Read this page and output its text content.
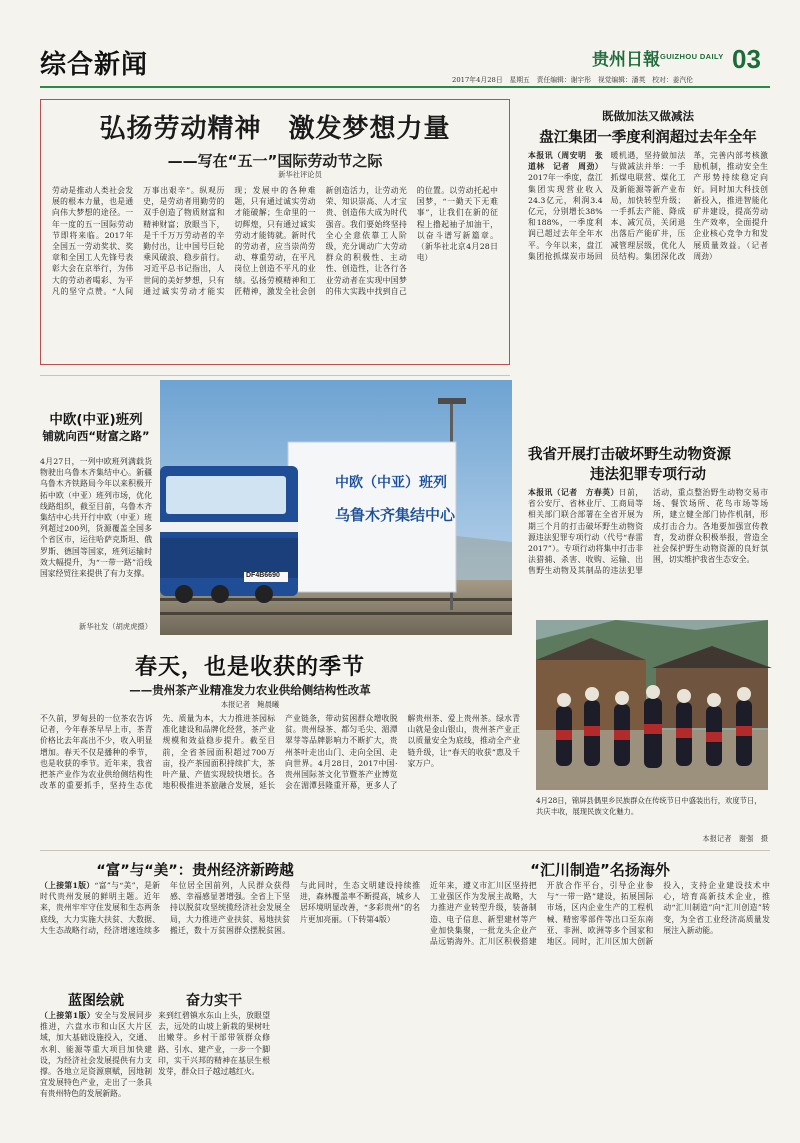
综合新闻	贵州日報 GUIZHOU DAILY 03
2017年4月28日　星期五　责任编辑：谢宇彤　视觉编辑：潘英　校对：姜汽伦
弘扬劳动精神　激发梦想力量
——写在“五一”国际劳动节之际
新华社评论员
劳动是推动人类社会发展的根本力量，也是通向伟大梦想的途径。一年一度的五一国际劳动节即将来临。2017年全国五一劳动奖状、奖章和全国工人先锋号表彰大会在京举行，为伟大的劳动者喝彩、为平凡的坚守点赞。“人间万事出艰辛”。纵观历史，是劳动者用勤劳的双手创造了物质财富和精神财富；放眼当下，是千千万万劳动者的辛勤付出，让中国号巨轮乘风破浪、稳步前行。习近平总书记指出，人世间的美好梦想，只有通过诚实劳动才能实现；发展中的各种难题，只有通过诚实劳动才能破解；生命里的一切辉煌，只有通过诚实劳动才能铸就。新时代的劳动者，应当崇尚劳动、尊重劳动，在平凡岗位上创造不平凡的业绩。弘扬劳模精神和工匠精神，激发全社会创新创造活力，让劳动光荣、知识崇高、人才宝贵、创造伟大成为时代强音。我们要始终坚持全心全意依靠工人阶级，充分调动广大劳动群众的积极性、主动性、创造性，让各行各业劳动者在实现中国梦的伟大实践中找到自己的位置。以劳动托起中国梦，“一勤天下无难事”，让我们在新的征程上撸起袖子加油干，以奋斗谱写新篇章。（新华社北京4月28日电）
既做加法又做减法
盘江集团一季度利润超过去年全年
本报讯（周安明　张道林　记者　周劲）2017年一季度，盘江集团实现营业收入24.3亿元，利润3.4亿元，分别增长38%和188%，一季度利润已超过去年全年水平。今年以来，盘江集团抢抓煤炭市场回暖机遇，坚持做加法与做减法并举：一手抓煤电联营、煤化工及新能源等新产业布局，加快转型升级；一手抓去产能、降成本、减冗员，关闭退出落后产能矿井，压减管理层级，优化人员结构。集团深化改革，完善内部考核激励机制，推动安全生产形势持续稳定向好。同时加大科技创新投入，推进智能化矿井建设，提高劳动生产效率，全面提升企业核心竞争力和发展质量效益。（记者　周劲）
中欧(中亚)班列
铺就向西“财富之路”
4月27日，一列中欧班列满载货物驶出乌鲁木齐集结中心。新疆乌鲁木齐铁路局今年以来积极开拓中欧（中亚）班列市场，优化线路组织，截至目前，乌鲁木齐集结中心共开行中欧（中亚）班列超过200列，货源覆盖全国多个省区市，运往哈萨克斯坦、俄罗斯、德国等国家，班列运输时效大幅提升，为“一带一路”沿线国家经贸往来提供了有力支撑。
新华社发（胡虎虎摄）
中欧（中亚）班列
乌鲁木齐集结中心
DF4B6690
我省开展打击破坏野生动物资源
违法犯罪专项行动
本报讯（记者　方春英）日前，省公安厅、省林业厅、工商局等相关部门联合部署在全省开展为期三个月的打击破坏野生动物资源违法犯罪专项行动（代号“春雷2017”）。专项行动将集中打击非法猎捕、杀害、收购、运输、出售野生动物及其制品的违法犯罪活动，重点整治野生动物交易市场、餐饮场所、花鸟市场等场所，建立健全部门协作机制，形成打击合力。各地要加强宣传教育，发动群众积极举报，营造全社会保护野生动物资源的良好氛围，切实维护我省生态安全。
春天，也是收获的季节
——贵州茶产业精准发力农业供给侧结构性改革
本报记者　鲍晨曦
不久前，罗甸县的一位茶农告诉记者，今年春茶早早上市，茶青价格比去年高出不少，收入明显增加。春天不仅是播种的季节，也是收获的季节。近年来，我省把茶产业作为农业供给侧结构性改革的重要抓手，坚持生态优先、质量为本，大力推进茶园标准化建设和品牌化经营，茶产业规模和效益稳步提升。截至目前，全省茶园面积超过700万亩，投产茶园面积持续扩大，茶叶产量、产值实现较快增长。各地积极推进茶旅融合发展，延长产业链条，带动贫困群众增收脱贫。贵州绿茶、都匀毛尖、湄潭翠芽等品牌影响力不断扩大，贵州茶叶走出山门、走向全国、走向世界。4月28日，2017中国·贵州国际茶文化节暨茶产业博览会在湄潭县隆重开幕，更多人了解贵州茶、爱上贵州茶。绿水青山就是金山银山，贵州茶产业正以质量安全为底线，推动全产业链升级，让“春天的收获”惠及千家万户。
4月28日，锦屏县偶里乡民族群众在传统节日中盛装出行，欢度节日，共庆丰收，展现民族文化魅力。
本报记者　谢强　摄
“富”与“美”：贵州经济新跨越
（上接第1版）“富”与“美”，是新时代贵州发展的鲜明主题。近年来，贵州牢牢守住发展和生态两条底线，大力实施大扶贫、大数据、大生态战略行动，经济增速连续多年位居全国前列，人民群众获得感、幸福感显著增强。全省上下坚持以脱贫攻坚统揽经济社会发展全局，大力推进产业扶贫、易地扶贫搬迁，数十万贫困群众摆脱贫困。与此同时，生态文明建设持续推进，森林覆盖率不断提高，城乡人居环境明显改善，“多彩贵州”的名片更加亮丽。（下转第4版）
蓝图绘就
（上接第1版）安全与发展同步推进，六盘水市和山区大片区域，加大基础设施投入，交通、水利、能源等重大项目加快建设，为经济社会发展提供有力支撑。各地立足资源禀赋，因地制宜发展特色产业，走出了一条具有贵州特色的发展新路。
奋力实干
来到红碧镇水东山上头，放眼望去，远处的山坡上新栽的果树吐出嫩芽。乡村干部带领群众修路、引水、建产业，一步一个脚印，实干兴邦的精神在基层生根发芽，群众日子越过越红火。
“汇川制造”名扬海外
近年来，遵义市汇川区坚持把工业强区作为发展主战略，大力推进产业转型升级，装备制造、电子信息、新型建材等产业加快集聚，一批龙头企业产品远销海外。汇川区积极搭建开放合作平台，引导企业参与“一带一路”建设，拓展国际市场，区内企业生产的工程机械、精密零部件等出口至东南亚、非洲、欧洲等多个国家和地区。同时，汇川区加大创新投入，支持企业建设技术中心，培育高新技术企业，推动“汇川制造”向“汇川创造”转变，为全省工业经济高质量发展注入新动能。
